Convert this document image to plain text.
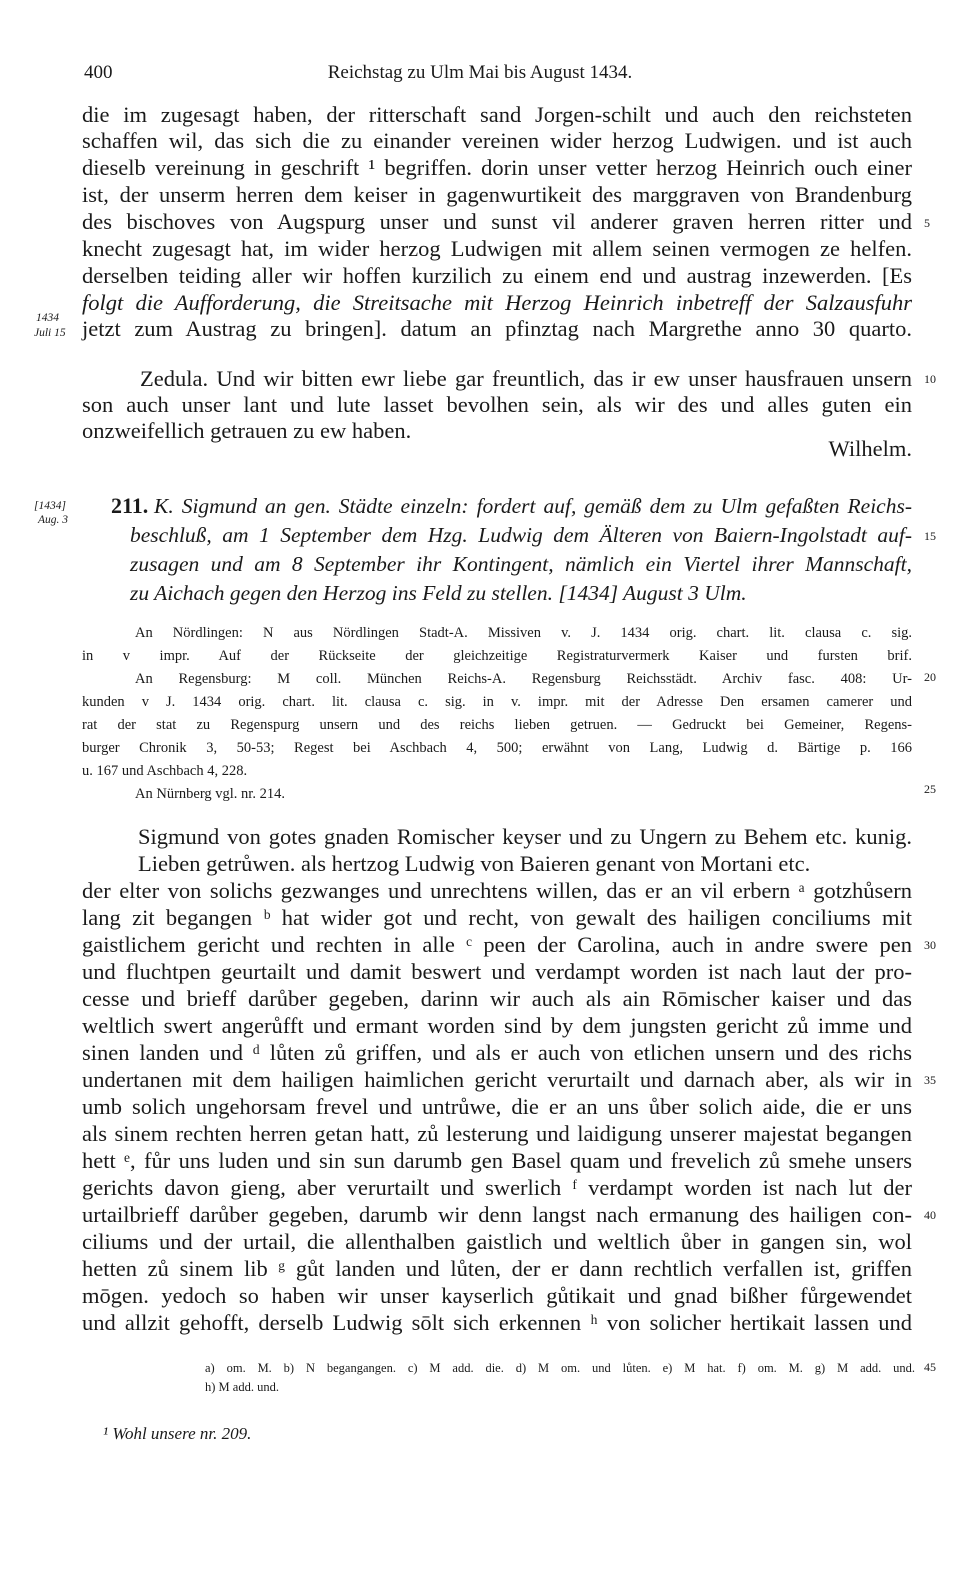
400	Reichstag zu Ulm Mai bis August 1434.
die im zugesagt haben, der ritterschaft sand Jorgen-schilt und auch den reichsteten
schaffen wil, das sich die zu einander vereinen wider herzog Ludwigen. und ist auch
dieselb vereinung in geschrift ¹ begriffen. dorin unser vetter herzog Heinrich ouch einer
ist, der unserm herren dem keiser in gagenwurtikeit des marggraven von Brandenburg
des bischoves von Augspurg unser und sunst vil anderer graven herren ritter und
knecht zugesagt hat, im wider herzog Ludwigen mit allem seinen vermogen ze helfen.
derselben teiding aller wir hoffen kurzilich zu einem end und austrag inzewerden. [Es
folgt die Aufforderung, die Streitsache mit Herzog Heinrich inbetreff der Salzausfuhr
jetzt zum Austrag zu bringen]. datum an pfinztag nach Margrethe anno 30 quarto.
1434
Juli 15
Zedula. Und wir bitten ewr liebe gar freuntlich, das ir ew unser hausfrauen unsern
son auch unser lant und lute lasset bevolhen sein, als wir des und alles guten ein
onzweifellich getrauen zu ew haben.
Wilhelm.
[1434]
Aug. 3
211. K. Sigmund an gen. Städte einzeln: fordert auf, gemäß dem zu Ulm gefaßten Reichs-
beschluß, am 1 September dem Hzg. Ludwig dem Älteren von Baiern-Ingolstadt auf-
zusagen und am 8 September ihr Kontingent, nämlich ein Viertel ihrer Mannschaft,
zu Aichach gegen den Herzog ins Feld zu stellen. [1434] August 3 Ulm.
An Nördlingen: N aus Nördlingen Stadt-A. Missiven v. J. 1434 orig. chart. lit. clausa c. sig.
in v impr. Auf der Rückseite der gleichzeitige Registraturvermerk Kaiser und fursten brif.
An Regensburg: M coll. München Reichs-A. Regensburg Reichsstädt. Archiv fasc. 408: Ur-
kunden v J. 1434 orig. chart. lit. clausa c. sig. in v. impr. mit der Adresse Den ersamen camerer und
rat der stat zu Regenspurg unsern und des reichs lieben getruen. — Gedruckt bei Gemeiner, Regens-
burger Chronik 3, 50-53; Regest bei Aschbach 4, 500; erwähnt von Lang, Ludwig d. Bärtige p. 166
u. 167 und Aschbach 4, 228.
An Nürnberg vgl. nr. 214.
Sigmund von gotes gnaden Romischer keyser und zu Ungern zu Behem etc. kunig.
Lieben getrůwen. als hertzog Ludwig von Baieren genant von Mortani etc.
der elter von solichs gezwanges und unrechtens willen, das er an vil erbern ᵃ gotzhůsern
lang zit begangen ᵇ hat wider got und recht, von gewalt des hailigen conciliums mit
gaistlichem gericht und rechten in alle ᶜ peen der Carolina, auch in andre swere pen
und fluchtpen geurtailt und damit beswert und verdampt worden ist nach laut der pro-
cesse und brieff darůber gegeben, darinn wir auch als ain Rōmischer kaiser und das
weltlich swert angerůfft und ermant worden sind by dem jungsten gericht zů imme und
sinen landen und ᵈ lůten zů griffen, und als er auch von etlichen unsern und des richs
undertanen mit dem hailigen haimlichen gericht verurtailt und darnach aber, als wir in
umb solich ungehorsam frevel und untrůwe, die er an uns ůber solich aide, die er uns
als sinem rechten herren getan hatt, zů lesterung und laidigung unserer majestat begangen
hett ᵉ, fůr uns luden und sin sun darumb gen Basel quam und frevelich zů smehe unsers
gerichts davon gieng, aber verurtailt und swerlich ᶠ verdampt worden ist nach lut der
urtailbrieff darůber gegeben, darumb wir denn langst nach ermanung des hailigen con-
ciliums und der urtail, die allenthalben gaistlich und weltlich ůber in gangen sin, wol
hetten zů sinem lib ᵍ gůt landen und lůten, der er dann rechtlich verfallen ist, griffen
mōgen. yedoch so haben wir unser kayserlich gůtikait und gnad bißher fůrgewendet
und allzit gehofft, derselb Ludwig sōlt sich erkennen ʰ von solicher hertikait lassen und
a) om. M. b) N begangangen. c) M add. die. d) M om. und lůten. e) M hat. f) om. M. g) M add. und.
h) M add. und.
¹ Wohl unsere nr. 209.
5
10
15
20
25
30
35
40
45
